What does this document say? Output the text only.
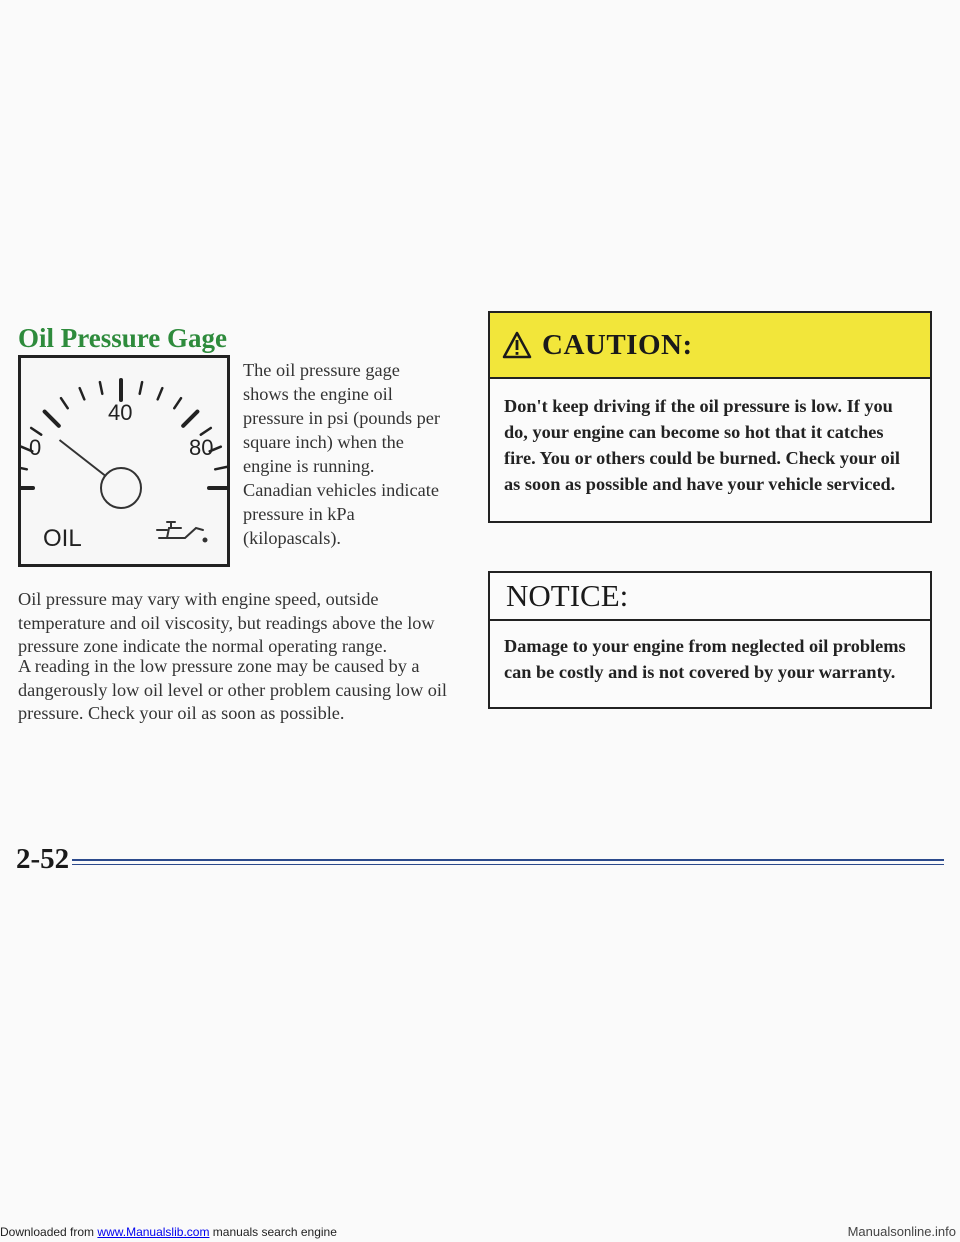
Oil Pressure Gage
0
40
80
OIL
The oil pressure gage shows the engine oil pressure in psi (pounds per square inch) when the engine is running. Canadian vehicles indicate pressure in kPa (kilopascals).

Oil pressure may vary with engine speed, outside temperature and oil viscosity, but readings above the low pressure zone indicate the normal operating range.

A reading in the low pressure zone may be caused by a dangerously low oil level or other problem causing low oil pressure. Check your oil as soon as possible.

CAUTION:
Don't keep driving if the oil pressure is low. If you do, your engine can become so hot that it catches fire. You or others could be burned. Check your oil as soon as possible and have your vehicle serviced.
NOTICE:
Damage to your engine from neglected oil problems can be costly and is not covered by your warranty.
2-52
Downloaded from www.Manualslib.com manuals search engine	Manualsonline.info
